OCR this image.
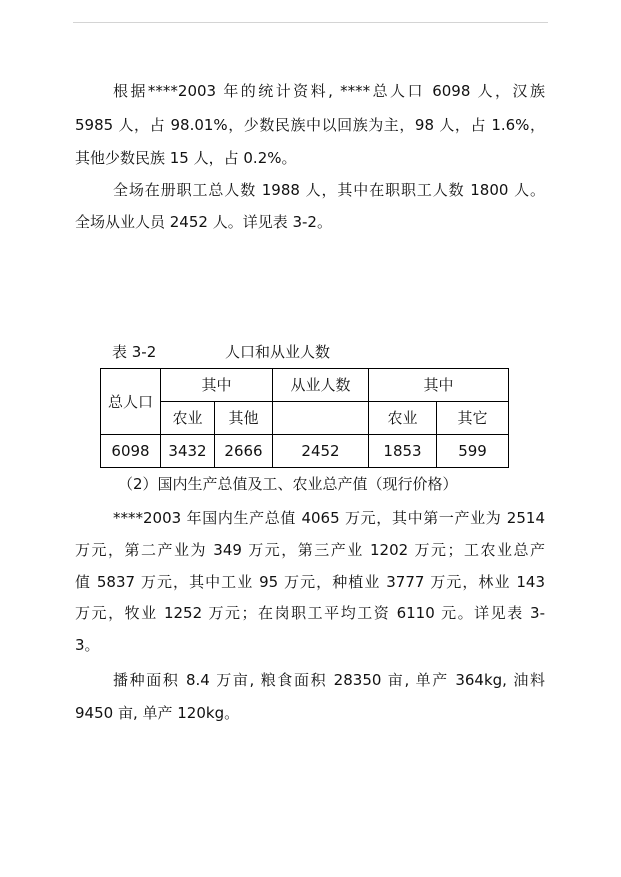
根据****2003 年的统计资料, ****总人口 6098 人，汉族
5985 人，占 98.01%，少数民族中以回族为主，98 人，占 1.6%，
其他少数民族 15 人，占 0.2%。
全场在册职工总人数 1988 人，其中在职职工人数 1800 人。
全场从业人员 2452 人。详见表 3-2。
表 3-2	人口和从业人数
总人口	其中		从业人数	其中	
	农业	其他		农业	其它
6098	3432	2666	2452	1853	599
（2）国内生产总值及工、农业总产值（现行价格）
****2003 年国内生产总值 4065 万元，其中第一产业为 2514
万元，第二产业为 349 万元，第三产业 1202 万元；工农业总产
值 5837 万元，其中工业 95 万元，种植业 3777 万元，林业 143
万元，牧业 1252 万元；在岗职工平均工资 6110 元。详见表 3-
3。
播种面积 8.4 万亩, 粮食面积 28350 亩, 单产 364kg, 油料
9450 亩, 单产 120kg。
